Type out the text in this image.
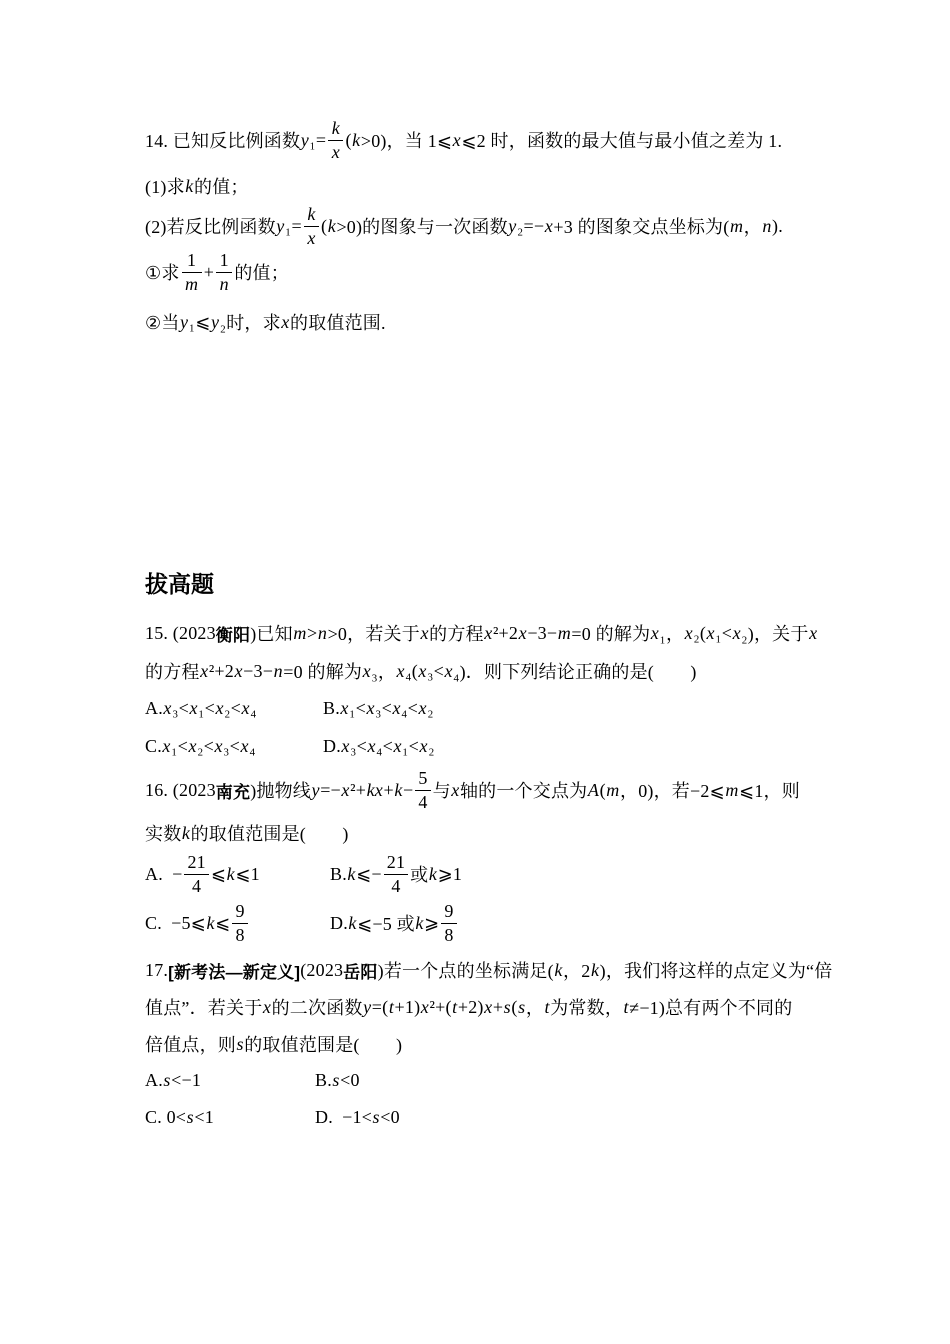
14. 已知反比例函数 y $_1= \frac{k}{x}$ ( k >0)，当 1⩽ x ⩽2 时，函数的最大值与最小值之差为 1.
(1)求 k 的值；
(2)若反比例函数 y $_1= \frac{k}{x}$ ( k >0)的图象与一次函数 y ₂=− x +3 的图象交点坐标为( m ， n ).
①求 $\frac{1}{m} + \frac{1}{n}$ 的值；
②当 y ₁⩽ y ₂时，求 x 的取值范围.
拔高题
15. (2023 衡阳 )已知 m > n >0，若关于 x 的方程 x ²+2 x −3− m =0 的解为 x ₁， x ₂( x ₁< x ₂)，关于 x
的方程 x ²+2 x −3− n =0 的解为 x ₃， x ₄( x ₃< x ₄)．则下列结论正确的是(　　)
A. x ₃< x ₁< x ₂< x ₄	B. x ₁< x ₃< x ₄< x ₂
C. x ₁< x ₂< x ₃< x ₄	D. x ₃< x ₄< x ₁< x ₂
16. (2023 南充 )抛物线 y =− x ²+ kx + $k - \frac{5}{4}$ 与 x 轴的一个交点为 A ( m ，0)，若−2⩽ m ⩽1，则
实数 k 的取值范围是(　　)
A. − $\frac{21}{4}$ ⩽ k ⩽1	B. k ⩽− $\frac{21}{4}$ 或 k ⩾1
C. −5⩽ k ⩽ $\frac{9}{8}$	D. k ⩽−5 或 k ⩾ $\frac{9}{8}$
17. [新考法—新定义] (2023 岳阳 )若一个点的坐标满足( k ，2 k )，我们将这样的点定义为“倍
值点”．若关于 x 的二次函数 y =( t +1) x ²+( t +2) x + s ( s ， t 为常数， t ≠−1)总有两个不同的
倍值点，则 s 的取值范围是(　　)
A. s <−1	B. s <0
C. 0< s <1	D. −1< s <0
